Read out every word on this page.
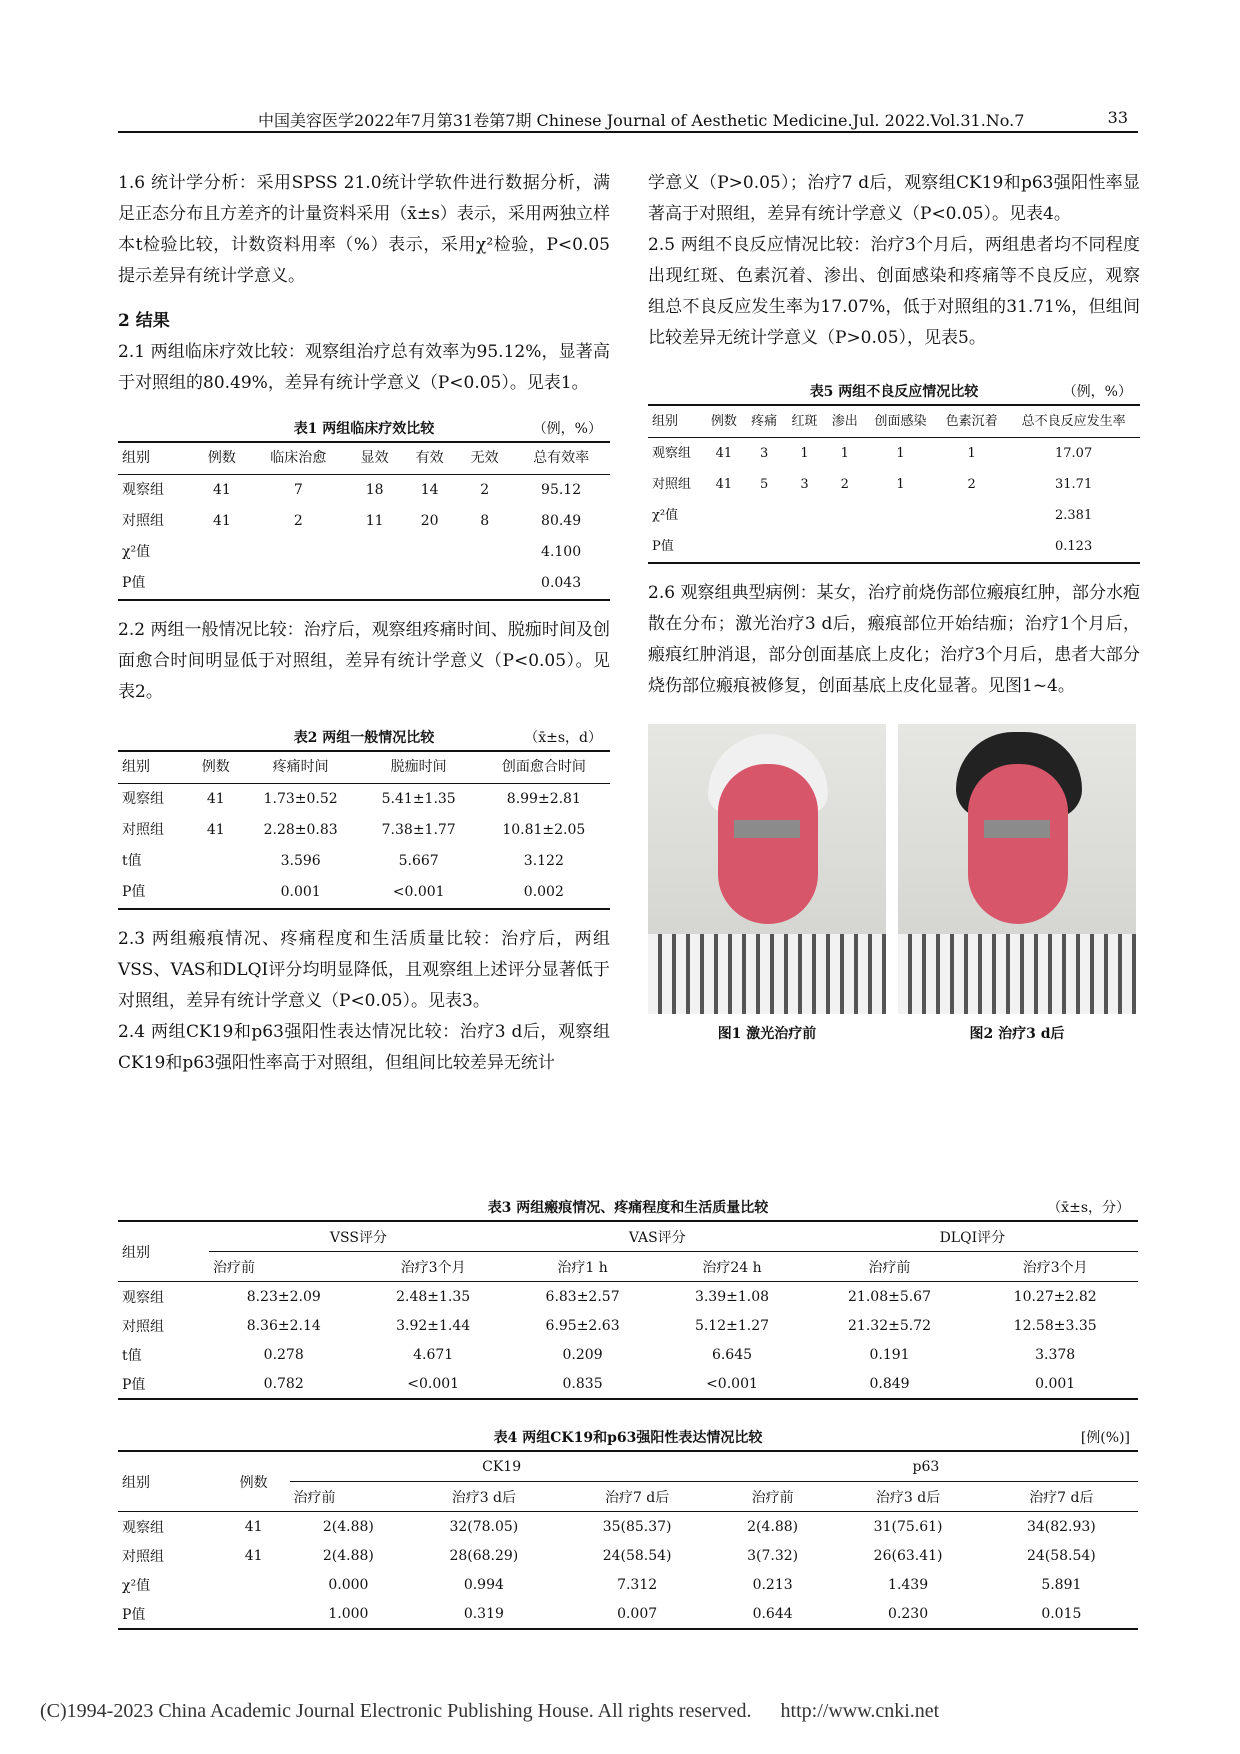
中国美容医学2022年7月第31卷第7期 Chinese Journal of Aesthetic Medicine.Jul. 2022.Vol.31.No.7	33

1.6 统计学分析：采用SPSS 21.0统计学软件进行数据分析，满足正态分布且方差齐的计量资料采用（x̄±s）表示，采用两独立样本t检验比较，计数资料用率（%）表示，采用χ²检验，P<0.05提示差异有统计学意义。

2 结果

2.1 两组临床疗效比较：观察组治疗总有效率为95.12%，显著高于对照组的80.49%，差异有统计学意义（P<0.05）。见表1。

表1 两组临床疗效比较	（例，%）
组别	例数	临床治愈	显效	有效	无效	总有效率
观察组	41	7	18	14	2	95.12
对照组	41	2	11	20	8	80.49
χ²值						4.100
P值						0.043

2.2 两组一般情况比较：治疗后，观察组疼痛时间、脱痂时间及创面愈合时间明显低于对照组，差异有统计学意义（P<0.05）。见表2。

表2 两组一般情况比较	（x̄±s，d）
组别	例数	疼痛时间	脱痂时间	创面愈合时间
观察组	41	1.73±0.52	5.41±1.35	8.99±2.81
对照组	41	2.28±0.83	7.38±1.77	10.81±2.05
t值		3.596	5.667	3.122
P值		0.001	<0.001	0.002

2.3 两组瘢痕情况、疼痛程度和生活质量比较：治疗后，两组VSS、VAS和DLQI评分均明显降低，且观察组上述评分显著低于对照组，差异有统计学意义（P<0.05）。见表3。

2.4 两组CK19和p63强阳性表达情况比较：治疗3 d后，观察组CK19和p63强阳性率高于对照组，但组间比较差异无统计

学意义（P>0.05）；治疗7 d后，观察组CK19和p63强阳性率显著高于对照组，差异有统计学意义（P<0.05）。见表4。

2.5 两组不良反应情况比较：治疗3个月后，两组患者均不同程度出现红斑、色素沉着、渗出、创面感染和疼痛等不良反应，观察组总不良反应发生率为17.07%，低于对照组的31.71%，但组间比较差异无统计学意义（P>0.05），见表5。

表5 两组不良反应情况比较	（例，%）
组别	例数	疼痛	红斑	渗出	创面感染	色素沉着	总不良反应发生率
观察组	41	3	1	1	1	1	17.07
对照组	41	5	3	2	1	2	31.71
χ²值							2.381
P值							0.123

2.6 观察组典型病例：某女，治疗前烧伤部位瘢痕红肿，部分水疱散在分布；激光治疗3 d后，瘢痕部位开始结痂；治疗1个月后，瘢痕红肿消退，部分创面基底上皮化；治疗3个月后，患者大部分烧伤部位瘢痕被修复，创面基底上皮化显著。见图1~4。

图1 激光治疗前	图2 治疗3 d后
表3 两组瘢痕情况、疼痛程度和生活质量比较	（x̄±s，分）
组别	VSS评分		VAS评分		DLQI评分	
	治疗前	治疗3个月	治疗1 h	治疗24 h	治疗前	治疗3个月
观察组	8.23±2.09	2.48±1.35	6.83±2.57	3.39±1.08	21.08±5.67	10.27±2.82
对照组	8.36±2.14	3.92±1.44	6.95±2.63	5.12±1.27	21.32±5.72	12.58±3.35
t值	0.278	4.671	0.209	6.645	0.191	3.378
P值	0.782	<0.001	0.835	<0.001	0.849	0.001
表4 两组CK19和p63强阳性表达情况比较	[例(%)]
组别	例数	CK19			p63		
		治疗前	治疗3 d后	治疗7 d后	治疗前	治疗3 d后	治疗7 d后
观察组	41	2(4.88)	32(78.05)	35(85.37)	2(4.88)	31(75.61)	34(82.93)
对照组	41	2(4.88)	28(68.29)	24(58.54)	3(7.32)	26(63.41)	24(58.54)
χ²值		0.000	0.994	7.312	0.213	1.439	5.891
P值		1.000	0.319	0.007	0.644	0.230	0.015
(C)1994-2023 China Academic Journal Electronic Publishing House. All rights reserved. http://www.cnki.net
